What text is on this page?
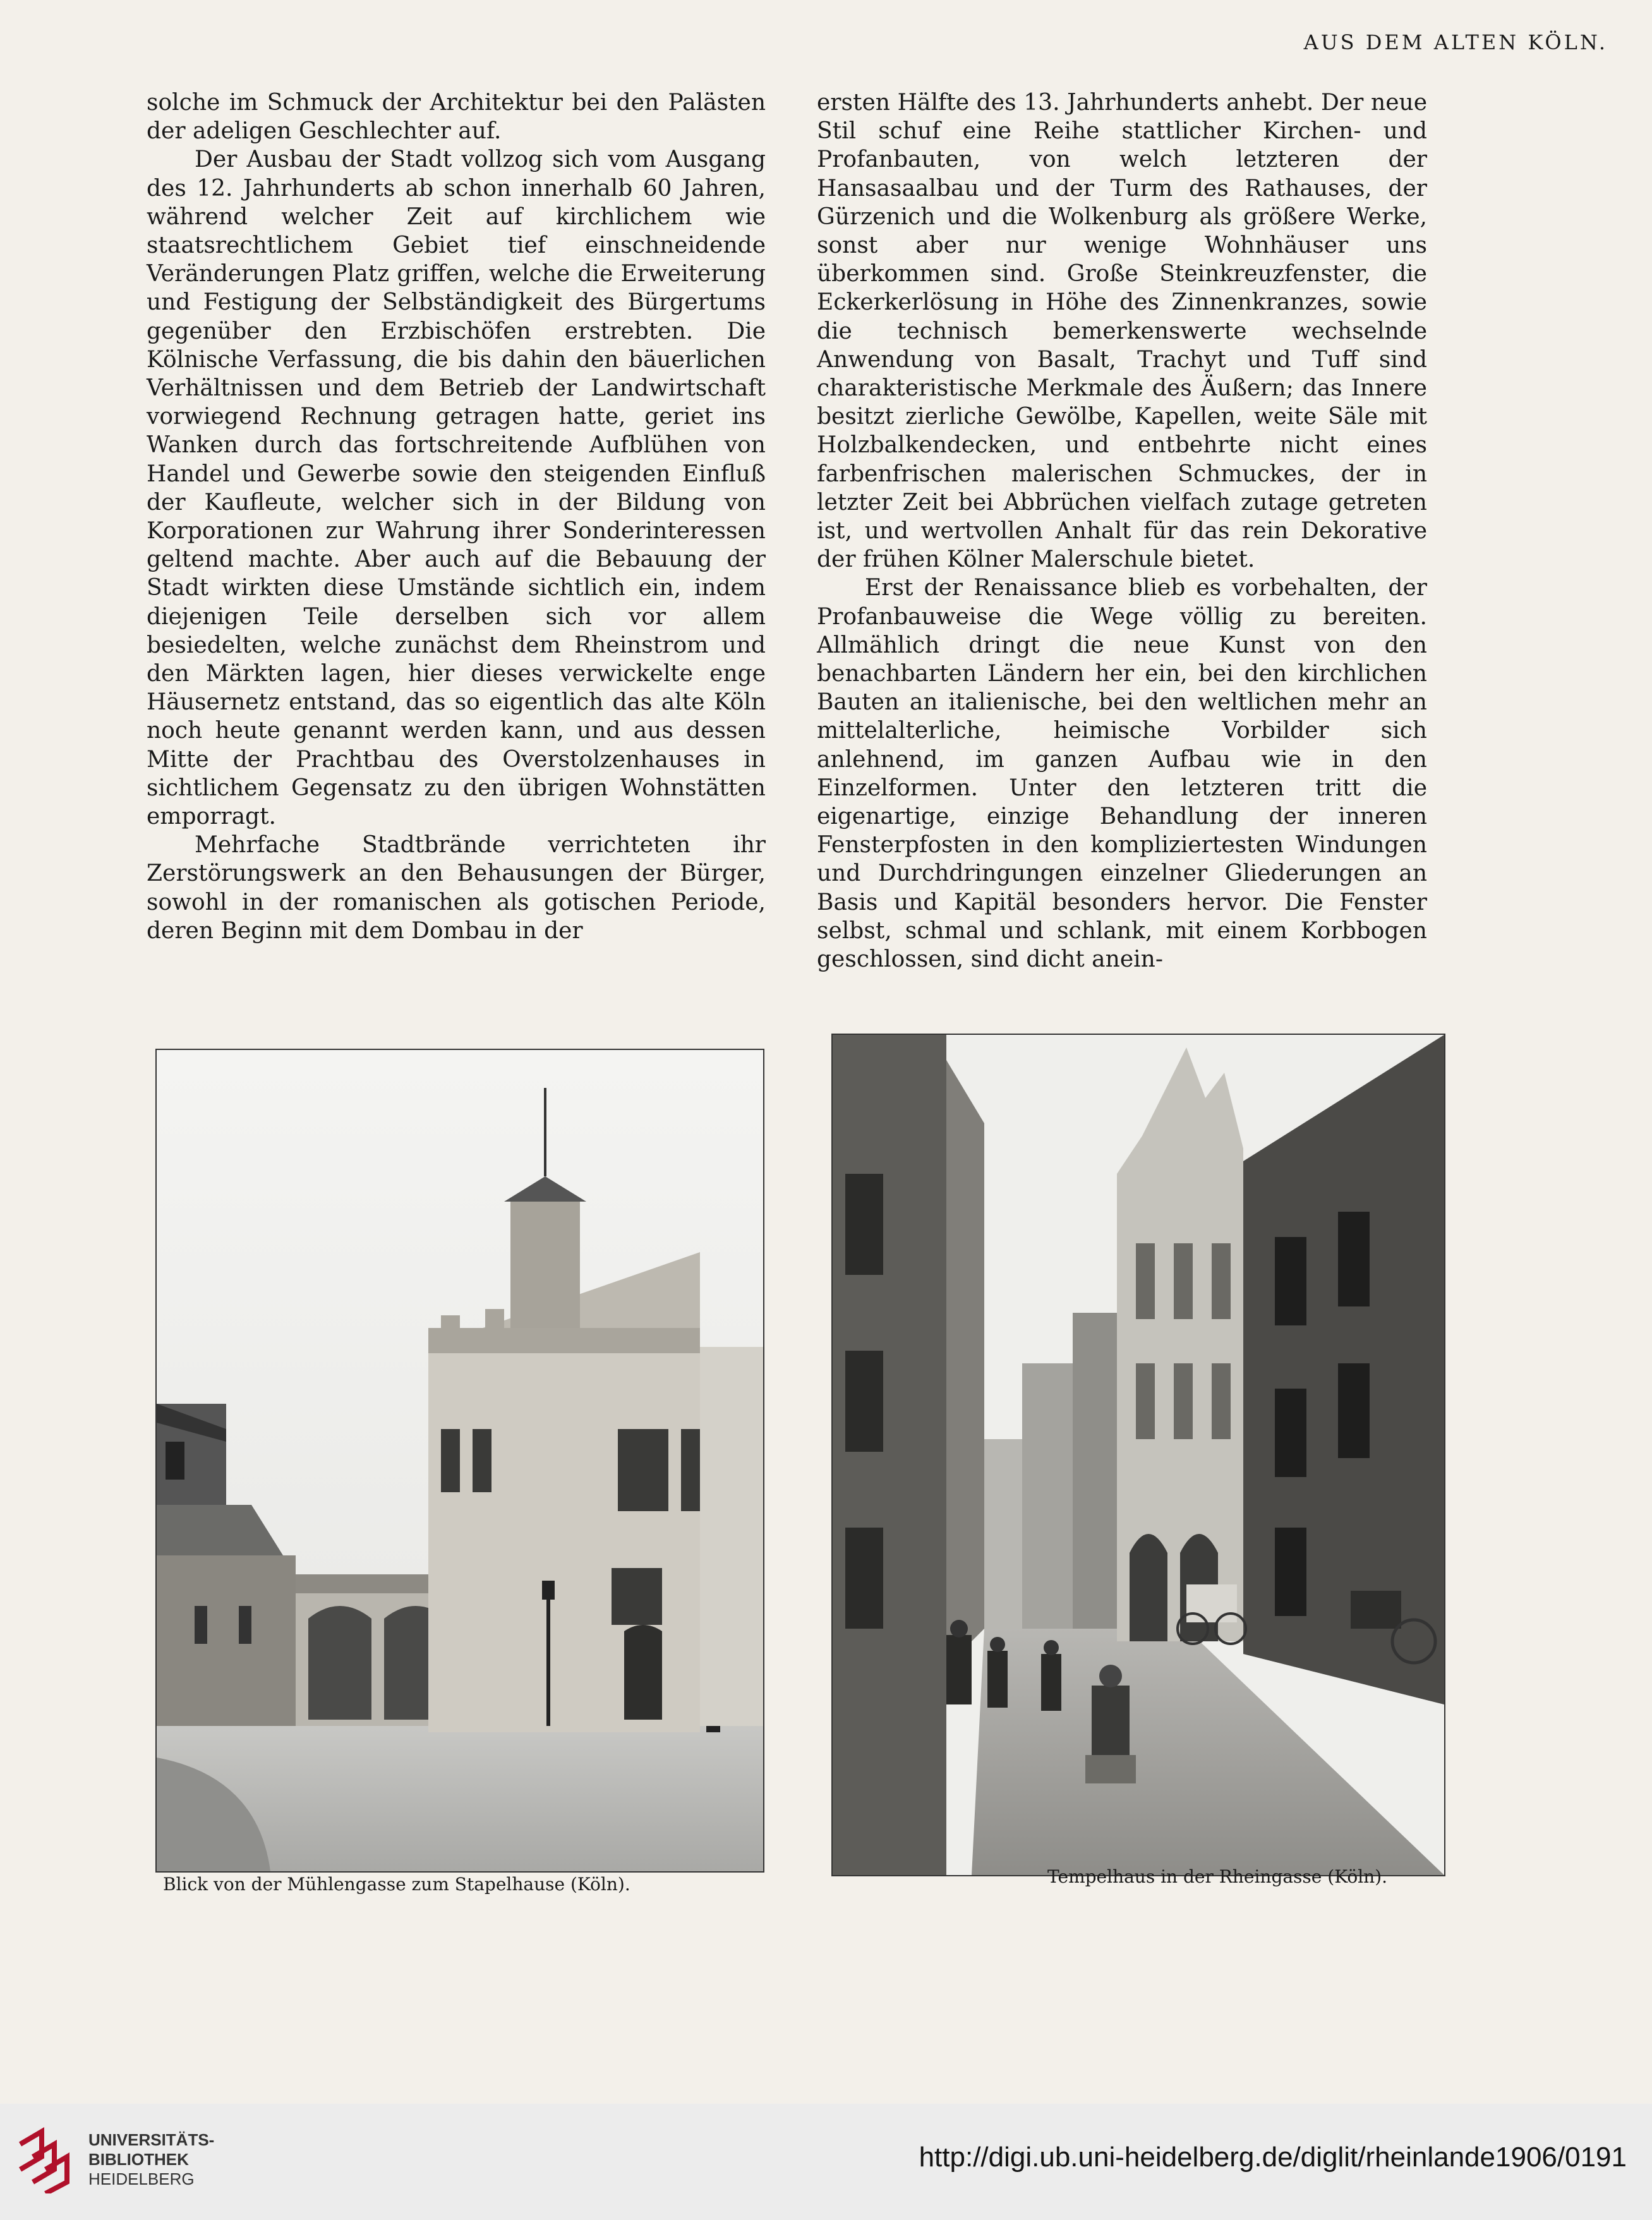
AUS DEM ALTEN KÖLN.

solche im Schmuck der Architektur bei den Palästen der adeligen Geschlechter auf.

Der Ausbau der Stadt vollzog sich vom Ausgang des 12. Jahrhunderts ab schon innerhalb 60 Jahren, während welcher Zeit auf kirchlichem wie staatsrechtlichem Gebiet tief einschneidende Veränderungen Platz griffen, welche die Erweiterung und Festigung der Selbständigkeit des Bürgertums gegenüber den Erzbischöfen erstrebten. Die Kölnische Verfassung, die bis dahin den bäuerlichen Verhältnissen und dem Betrieb der Landwirtschaft vorwiegend Rechnung getragen hatte, geriet ins Wanken durch das fortschreitende Aufblühen von Handel und Gewerbe sowie den steigenden Einfluß der Kaufleute, welcher sich in der Bildung von Korporationen zur Wahrung ihrer Sonderinteressen geltend machte. Aber auch auf die Bebauung der Stadt wirkten diese Umstände sichtlich ein, indem diejenigen Teile derselben sich vor allem besiedelten, welche zunächst dem Rheinstrom und den Märkten lagen, hier dieses verwickelte enge Häusernetz entstand, das so eigentlich das alte Köln noch heute genannt werden kann, und aus dessen Mitte der Prachtbau des Overstolzenhauses in sichtlichem Gegensatz zu den übrigen Wohnstätten emporragt.

Mehrfache Stadtbrände verrichteten ihr Zerstörungswerk an den Behausungen der Bürger, sowohl in der romanischen als gotischen Periode, deren Beginn mit dem Dombau in der

ersten Hälfte des 13. Jahrhunderts anhebt. Der neue Stil schuf eine Reihe stattlicher Kirchen- und Profanbauten, von welch letzteren der Hansasaalbau und der Turm des Rathauses, der Gürzenich und die Wolkenburg als größere Werke, sonst aber nur wenige Wohnhäuser uns überkommen sind. Große Steinkreuzfenster, die Eckerkerlösung in Höhe des Zinnenkranzes, sowie die technisch bemerkenswerte wechselnde Anwendung von Basalt, Trachyt und Tuff sind charakteristische Merkmale des Äußern; das Innere besitzt zierliche Gewölbe, Kapellen, weite Säle mit Holzbalkendecken, und entbehrte nicht eines farbenfrischen malerischen Schmuckes, der in letzter Zeit bei Abbrüchen vielfach zutage getreten ist, und wertvollen Anhalt für das rein Dekorative der frühen Kölner Malerschule bietet.

Erst der Renaissance blieb es vorbehalten, der Profanbauweise die Wege völlig zu bereiten. Allmählich dringt die neue Kunst von den benachbarten Ländern her ein, bei den kirchlichen Bauten an italienische, bei den weltlichen mehr an mittelalterliche, heimische Vorbilder sich anlehnend, im ganzen Aufbau wie in den Einzelformen. Unter den letzteren tritt die eigenartige, einzige Behandlung der inneren Fensterpfosten in den kompliziertesten Windungen und Durchdringungen einzelner Gliederungen an Basis und Kapitäl besonders hervor. Die Fenster selbst, schmal und schlank, mit einem Korbbogen geschlossen, sind dicht anein-

Blick von der Mühlengasse zum Stapelhause (Köln).	Tempelhaus in der Rheingasse (Köln).
UNIVERSITÄTS-
BIBLIOTHEK
HEIDELBERG
http://digi.ub.uni-heidelberg.de/diglit/rheinlande1906/0191
